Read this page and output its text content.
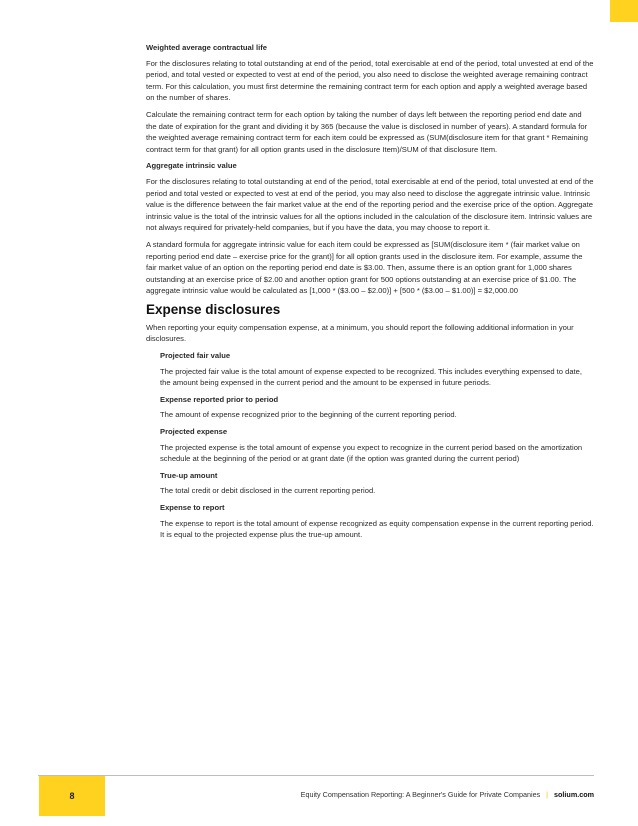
Weighted average contractual life

For the disclosures relating to total outstanding at end of the period, total exercisable at end of the period, total unvested at end of the period, and total vested or expected to vest at end of the period, you also need to disclose the weighted average remaining contract term. For this calculation, you must first determine the remaining contract term for each option and apply a weighted average based on the number of shares.

Calculate the remaining contract term for each option by taking the number of days left between the reporting period end date and the date of expiration for the grant and dividing it by 365 (because the value is disclosed in number of years). A standard formula for the weighted average remaining contract term for each item could be expressed as (SUM(disclosure item for that grant * Remaining contract term for that grant) for all option grants used in the disclosure Item)/SUM of that disclosure Item.

Aggregate intrinsic value

For the disclosures relating to total outstanding at end of the period, total exercisable at end of the period, total unvested at end of the period and total vested or expected to vest at end of the period, you may also need to disclose the aggregate intrinsic value. Intrinsic value is the difference between the fair market value at the end of the reporting period and the exercise price of the option. Aggregate intrinsic value is the total of the intrinsic values for all the options included in the calculation of the disclosure item. Intrinsic values are not always required for privately-held companies, but if you have the data, you may choose to report it.

A standard formula for aggregate intrinsic value for each item could be expressed as [SUM(disclosure item * (fair market value on reporting period end date – exercise price for the grant)] for all option grants used in the disclosure item. For example, assume the fair market value of an option on the reporting period end date is $3.00. Then, assume there is an option grant for 1,000 shares outstanding at an exercise price of $2.00 and another option grant for 500 options outstanding at an exercise price of $1.00. The aggregate intrinsic value would be calculated as [1,000 * ($3.00 – $2.00)] + [500 * ($3.00 – $1.00)] = $2,000.00

Expense disclosures

When reporting your equity compensation expense, at a minimum, you should report the following additional information in your disclosures.

Projected fair value

The projected fair value is the total amount of expense expected to be recognized. This includes everything expensed to date, the amount being expensed in the current period and the amount to be expensed in future periods.

Expense reported prior to period

The amount of expense recognized prior to the beginning of the current reporting period.

Projected expense

The projected expense is the total amount of expense you expect to recognize in the current period based on the amortization schedule at the beginning of the period or at grant date (if the option was granted during the current period)

True-up amount

The total credit or debit disclosed in the current reporting period.

Expense to report

The expense to report is the total amount of expense recognized as equity compensation expense in the current reporting period. It is equal to the projected expense plus the true-up amount.

8	Equity Compensation Reporting: A Beginner's Guide for Private Companies | solium.com
